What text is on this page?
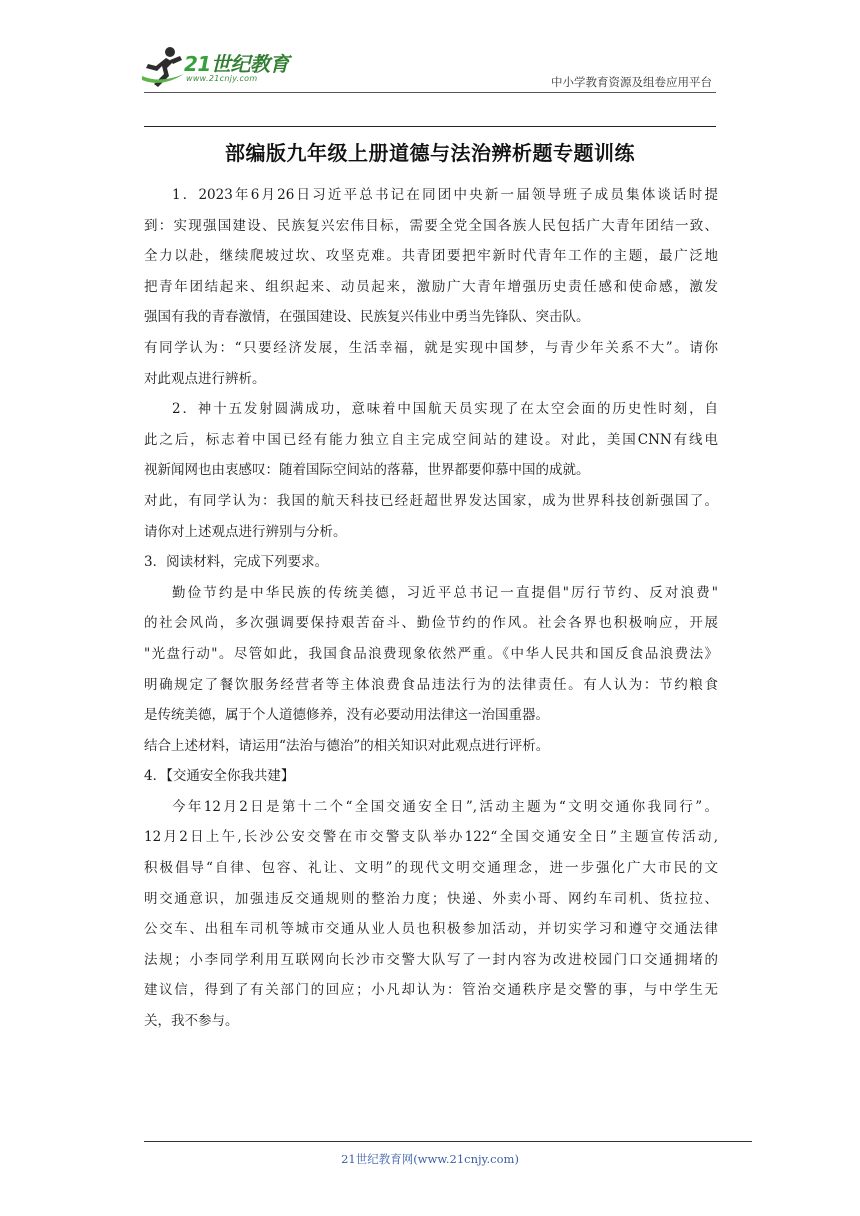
21世纪教育
www.21cnjy.com	中小学教育资源及组卷应用平台
部编版九年级上册道德与法治辨析题专题训练
1．2023年6月26日习近平总书记在同团中央新一届领导班子成员集体谈话时提
到：实现强国建设、民族复兴宏伟目标，需要全党全国各族人民包括广大青年团结一致、
全力以赴，继续爬坡过坎、攻坚克难。共青团要把牢新时代青年工作的主题，最广泛地
把青年团结起来、组织起来、动员起来，激励广大青年增强历史责任感和使命感，激发
强国有我的青春激情，在强国建设、民族复兴伟业中勇当先锋队、突击队。
有同学认为：“只要经济发展，生活幸福，就是实现中国梦，与青少年关系不大”。请你
对此观点进行辨析。
2．神十五发射圆满成功，意味着中国航天员实现了在太空会面的历史性时刻，自
此之后，标志着中国已经有能力独立自主完成空间站的建设。对此，美国CNN有线电
视新闻网也由衷感叹：随着国际空间站的落幕，世界都要仰慕中国的成就。
对此，有同学认为：我国的航天科技已经赶超世界发达国家，成为世界科技创新强国了。
请你对上述观点进行辨别与分析。
3．阅读材料，完成下列要求。
勤俭节约是中华民族的传统美德，习近平总书记一直提倡"厉行节约、反对浪费"
的社会风尚，多次强调要保持艰苦奋斗、勤俭节约的作风。社会各界也积极响应，开展
"光盘行动"。尽管如此，我国食品浪费现象依然严重。《中华人民共和国反食品浪费法》
明确规定了餐饮服务经营者等主体浪费食品违法行为的法律责任。有人认为：节约粮食
是传统美德，属于个人道德修养，没有必要动用法律这一治国重器。
结合上述材料，请运用“法治与德治”的相关知识对此观点进行评析。
4．【交通安全你我共建】
今年12月2日是第十二个“全国交通安全日”,活动主题为“文明交通你我同行”。
12月2日上午,长沙公安交警在市交警支队举办122“全国交通安全日”主题宣传活动,
积极倡导“自律、包容、礼让、文明”的现代文明交通理念，进一步强化广大市民的文
明交通意识，加强违反交通规则的整治力度；快递、外卖小哥、网约车司机、货拉拉、
公交车、出租车司机等城市交通从业人员也积极参加活动，并切实学习和遵守交通法律
法规；小李同学利用互联网向长沙市交警大队写了一封内容为改进校园门口交通拥堵的
建议信，得到了有关部门的回应；小凡却认为：管治交通秩序是交警的事，与中学生无
关，我不参与。
21世纪教育网(www.21cnjy.com)
